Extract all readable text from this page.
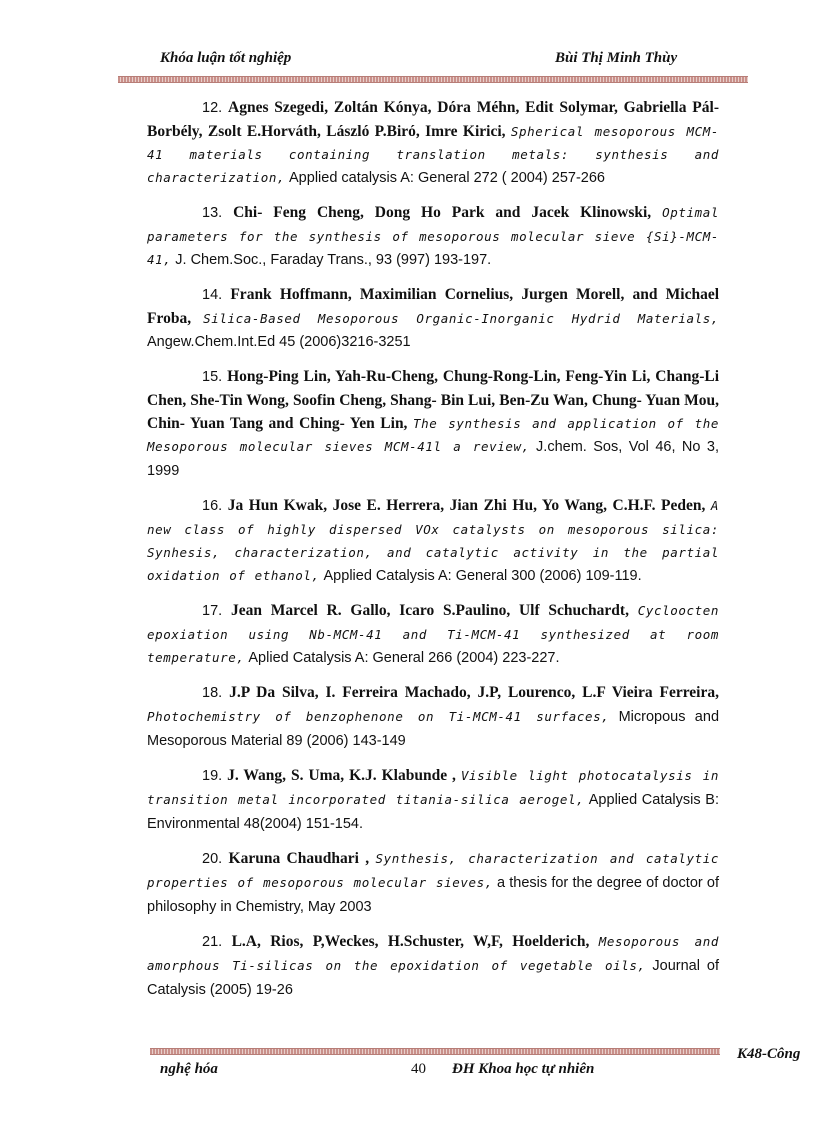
Khóa luận tốt nghiệp	Bùi Thị Minh Thùy

12. Agnes Szegedi, Zoltán Kónya, Dóra Méhn, Edit Solymar, Gabriella Pál- Borbély, Zsolt E.Horváth, László P.Biró, Imre Kirici, Spherical mesoporous MCM-41 materials containing translation metals: synthesis and characterization, Applied catalysis A: General 272 ( 2004) 257-266

13. Chi- Feng Cheng, Dong Ho Park and Jacek Klinowski, Optimal parameters for the synthesis of mesoporous molecular sieve {Si}-MCM-41, J. Chem.Soc., Faraday Trans., 93 (997) 193-197.

14. Frank Hoffmann, Maximilian Cornelius, Jurgen Morell, and Michael Froba, Silica-Based Mesoporous Organic-Inorganic Hydrid Materials, Angew.Chem.Int.Ed 45 (2006)3216-3251

15. Hong-Ping Lin, Yah-Ru-Cheng, Chung-Rong-Lin, Feng-Yin Li, Chang-Li Chen, She-Tin Wong, Soofin Cheng, Shang- Bin Lui, Ben-Zu Wan, Chung- Yuan Mou, Chin- Yuan Tang and Ching- Yen Lin, The synthesis and application of the Mesoporous molecular sieves MCM-41l a review, J.chem. Sos, Vol 46, No 3, 1999

16. Ja Hun Kwak, Jose E. Herrera, Jian Zhi Hu, Yo Wang, C.H.F. Peden, A new class of highly dispersed VOx catalysts on mesoporous silica: Synhesis, characterization, and catalytic activity in the partial oxidation of ethanol, Applied Catalysis A: General 300 (2006) 109-119.

17. Jean Marcel R. Gallo, Icaro S.Paulino, Ulf Schuchardt, Cycloocten epoxiation using Nb-MCM-41 and Ti-MCM-41 synthesized at room temperature, Aplied Catalysis A: General 266 (2004) 223-227.

18. J.P Da Silva, I. Ferreira Machado, J.P, Lourenco, L.F Vieira Ferreira, Photochemistry of benzophenone on Ti-MCM-41 surfaces, Micropous and Mesoporous Material 89 (2006) 143-149

19. J. Wang, S. Uma, K.J. Klabunde , Visible light photocatalysis in transition metal incorporated titania-silica aerogel, Applied Catalysis B: Environmental 48(2004) 151-154.

20. Karuna Chaudhari , Synthesis, characterization and catalytic properties of mesoporous molecular sieves, a thesis for the degree of doctor of philosophy in Chemistry, May 2003

21. L.A, Rios, P,Weckes, H.Schuster, W,F, Hoelderich, Mesoporous and amorphous Ti-silicas on the epoxidation of vegetable oils, Journal of Catalysis (2005) 19-26

K48-Công
nghệ hóa	40 ĐH Khoa học tự nhiên
